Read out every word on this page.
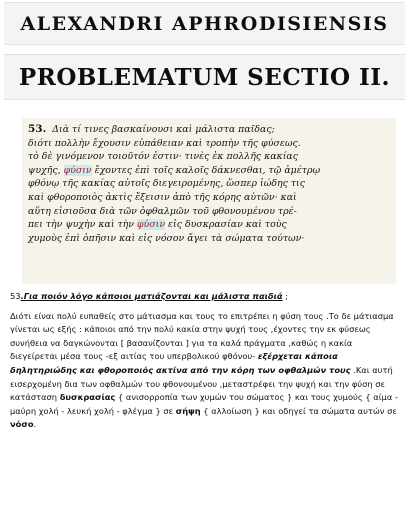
ALEXANDRI APHRODISIENSIS
PROBLEMATUM SECTIO II.
53. Διὰ τί τινες βασκαίνουσι καὶ μάλιστα παῖδας;
διότι πολλὴν ἔχουσιν εὐπάθειαν καὶ τροπὴν τῆς φύσεως.
τὸ δὲ γινόμενον τοιοῦτόν ἐστιν· τινὲς ἐκ πολλῆς κακίας
ψυχῆς, φύσιν ἔχοντες ἐπὶ τοῖς καλοῖς δάκνεσθαι, τῷ ἀμέτρῳ
φθόνῳ τῆς κακίας αὐτοῖς διεγειρομένης, ὥσπερ ἰώδης τις
καὶ φθοροποιὸς ἀκτὶς ἔξεισιν ἀπὸ τῆς κόρης αὐτῶν· καὶ
αὕτη εἰσιοῦσα διὰ τῶν ὀφθαλμῶν τοῦ φθονουμένου τρέ-
πει τὴν ψυχὴν καὶ τὴν φύσιν εἰς δυσκρασίαν καὶ τοὺς
χυμοὺς ἐπὶ ὀπῆσιν καὶ εἰς νόσον ἄγει τὰ σώματα τούτων·
53.Για ποιόν λόγο κάποιοι ματιάζονται και μάλιστα παιδιά ;
Διότι είναι πολύ ευπαθείς στο μάτιασμα και τους το επιτρέπει η φύση τους .Το δε μάτιασμα γίνεται ως εξής : κάποιοι από την πολύ κακία στην ψυχή τους ,έχοντες την εκ φύσεως συνήθεια να δαγκώνονται [ βασανίζονται ] για τα καλά πράγματα ,καθώς η κακία διεγείρεται μέσα τους -εξ αιτίας του υπερβολικού φθόνου- εξέρχεται κάποια δηλητηριώδης και φθοροποιός ακτίνα από την κόρη των οφθαλμών τους .Και αυτή εισερχομένη δια των οφθαλμών του φθονουμένου ,μεταστρέφει την ψυχή και την φύση σε κατάσταση δυσκρασίας { ανισορροπία των χυμών του σώματος } και τους χυμούς { αίμα - μαύρη χολή - λευκή χολή - φλέγμα } σε σήψη { αλλοίωση } και οδηγεί τα σώματα αυτών σε νόσο.
